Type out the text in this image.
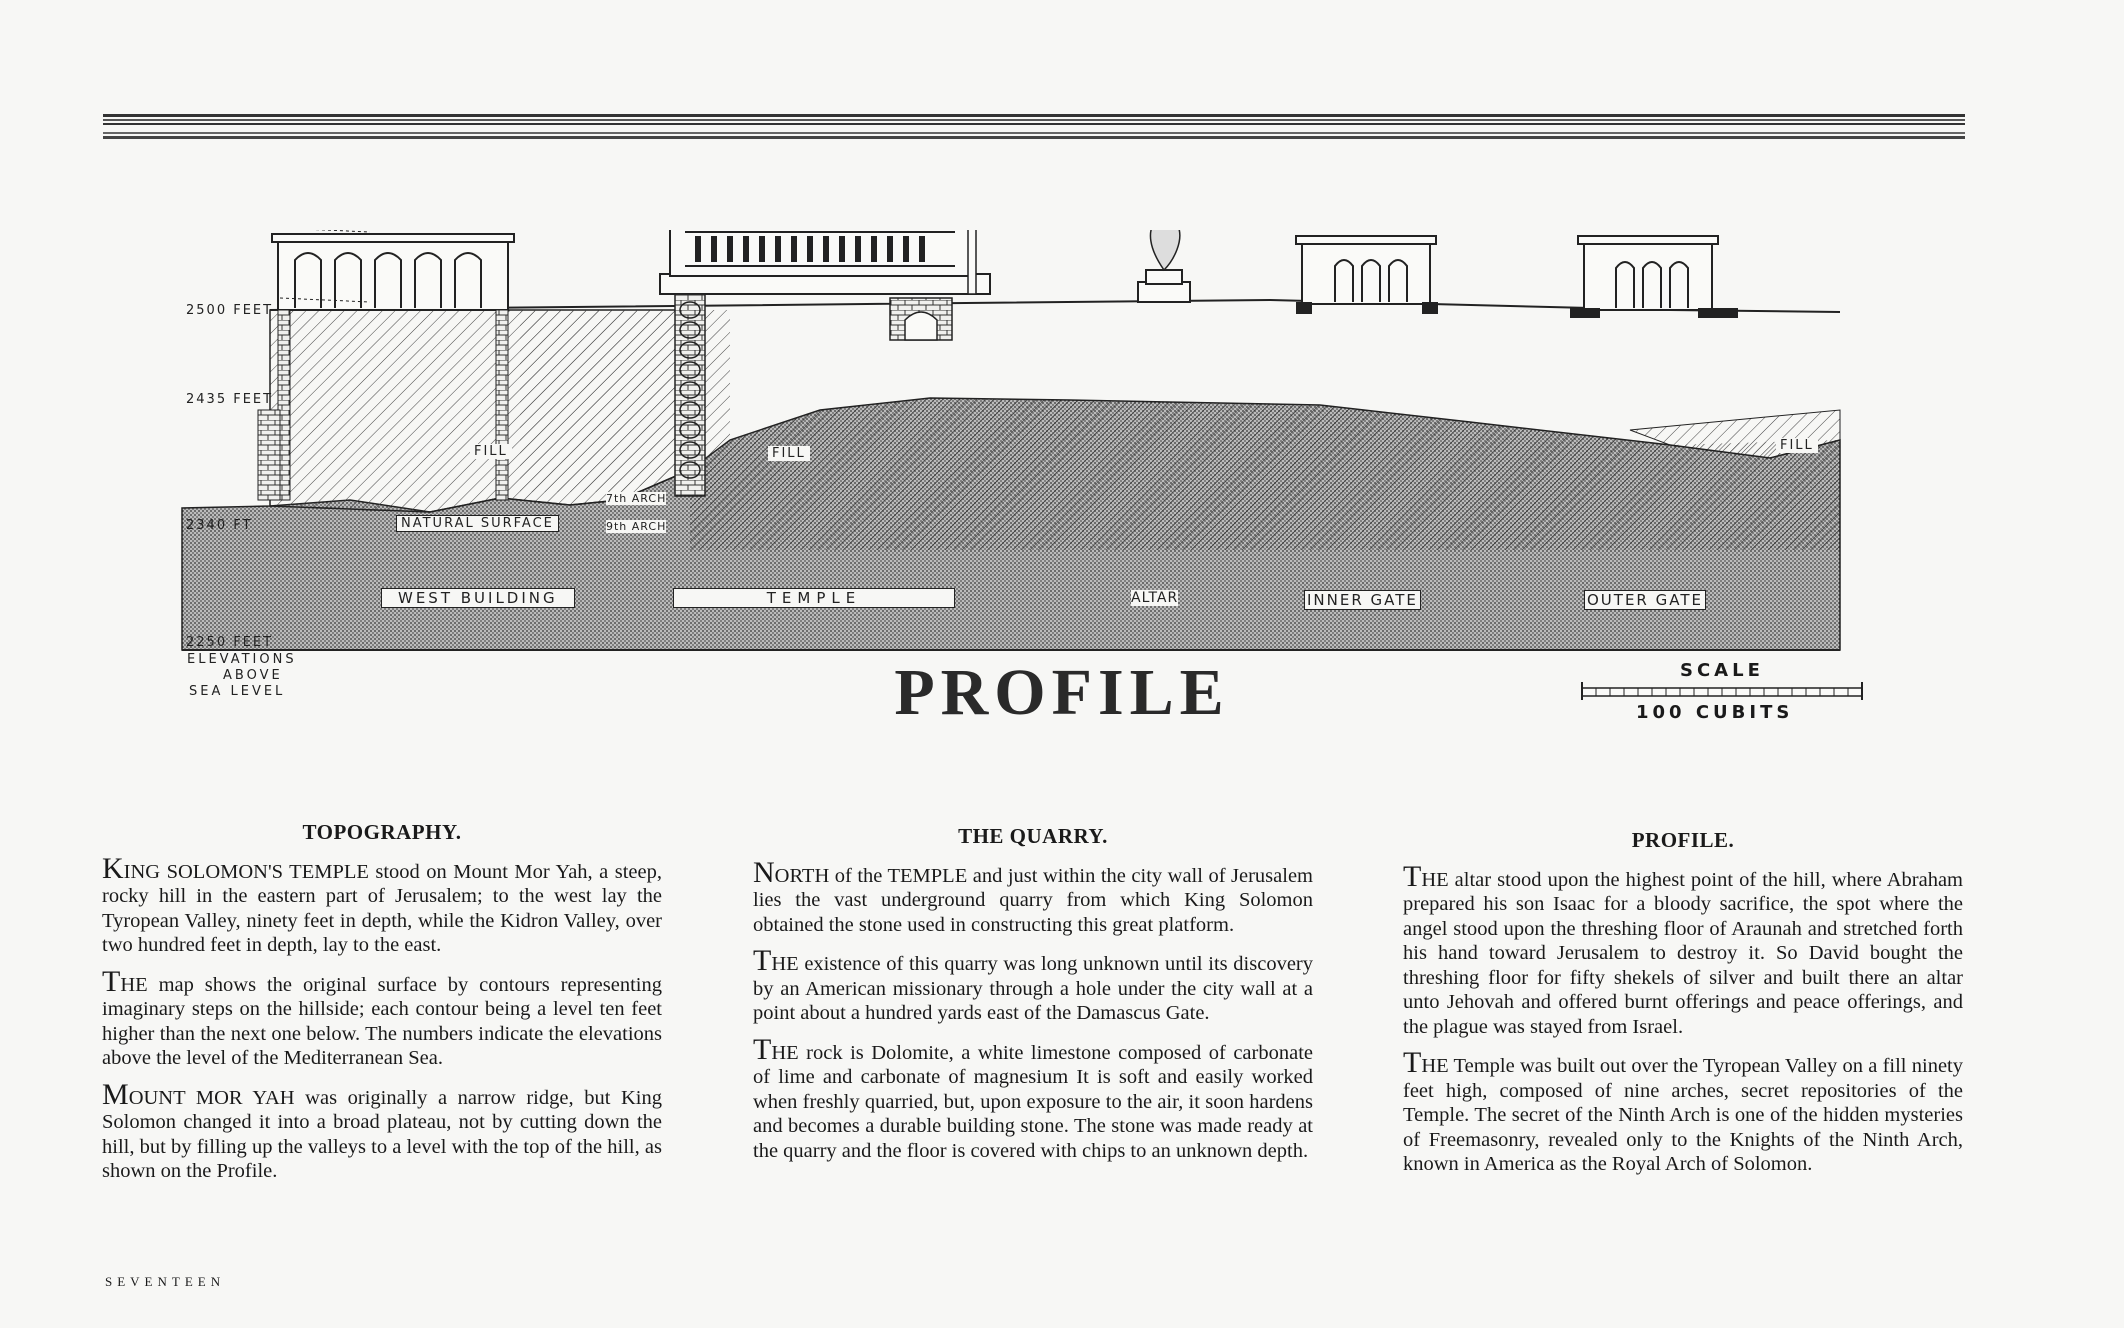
2500 FEET
2435 FEET
2340 FT
2250 FEET
ELEVATIONS
ABOVE
SEA LEVEL
FILL	FILL
FILL
NATURAL SURFACE
7th ARCH
9th ARCH
WEST BUILDING	TEMPLE	ALTAR	INNER GATE	OUTER GATE
PROFILE	SCALE
100 CUBITS
TOPOGRAPHY.

KING SOLOMON'S TEMPLE stood on Mount Mor Yah, a steep, rocky hill in the eastern part of Jerusalem; to the west lay the Tyropean Valley, ninety feet in depth, while the Kidron Valley, over two hundred feet in depth, lay to the east.

THE map shows the original surface by contours representing imaginary steps on the hillside; each contour being a level ten feet higher than the next one below. The numbers indicate the elevations above the level of the Mediterranean Sea.

MOUNT MOR YAH was originally a narrow ridge, but King Solomon changed it into a broad plateau, not by cutting down the hill, but by filling up the valleys to a level with the top of the hill, as shown on the Profile.

THE QUARRY.

NORTH of the TEMPLE and just within the city wall of Jerusalem lies the vast underground quarry from which King Solomon obtained the stone used in constructing this great platform.

THE existence of this quarry was long unknown until its discovery by an American missionary through a hole under the city wall at a point about a hundred yards east of the Damascus Gate.

THE rock is Dolomite, a white limestone composed of carbonate of lime and carbonate of magnesium It is soft and easily worked when freshly quarried, but, upon exposure to the air, it soon hardens and becomes a durable building stone. The stone was made ready at the quarry and the floor is covered with chips to an unknown depth.

PROFILE.

THE altar stood upon the highest point of the hill, where Abraham prepared his son Isaac for a bloody sacrifice, the spot where the angel stood upon the threshing floor of Araunah and stretched forth his hand toward Jerusalem to destroy it. So David bought the threshing floor for fifty shekels of silver and built there an altar unto Jehovah and offered burnt offerings and peace offerings, and the plague was stayed from Israel.

THE Temple was built out over the Tyropean Valley on a fill ninety feet high, composed of nine arches, secret repositories of the Temple. The secret of the Ninth Arch is one of the hidden mysteries of Freemasonry, revealed only to the Knights of the Ninth Arch, known in America as the Royal Arch of Solomon.

SEVENTEEN
